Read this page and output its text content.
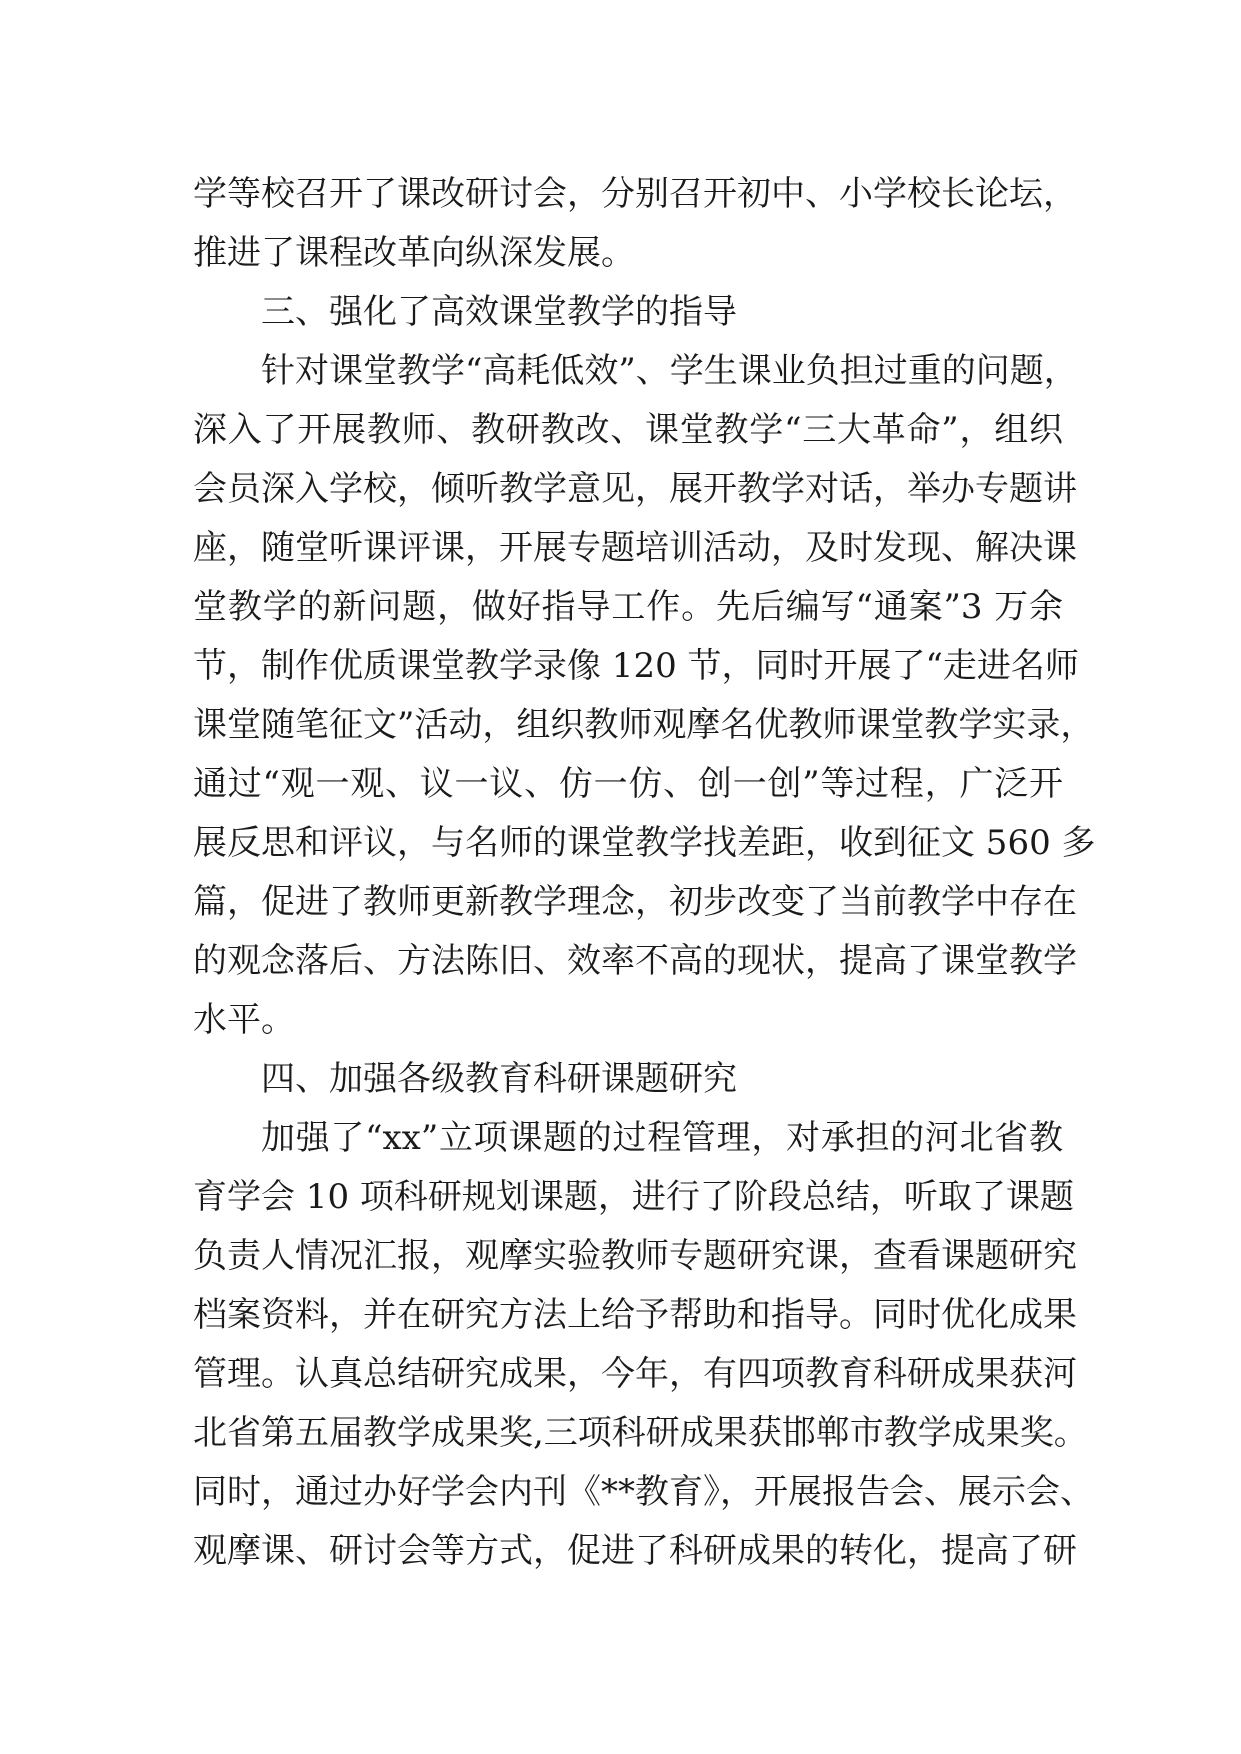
学等校召开了课改研讨会，分别召开初中、小学校长论坛，
推进了课程改革向纵深发展。
三、强化了高效课堂教学的指导
针对课堂教学“高耗低效”、学生课业负担过重的问题，
深入了开展教师、教研教改、课堂教学“三大革命”，组织
会员深入学校，倾听教学意见，展开教学对话，举办专题讲
座，随堂听课评课，开展专题培训活动，及时发现、解决课
堂教学的新问题，做好指导工作。先后编写“通案”3 万余
节，制作优质课堂教学录像 120 节，同时开展了“走进名师
课堂随笔征文”活动，组织教师观摩名优教师课堂教学实录，
通过“观一观、议一议、仿一仿、创一创”等过程，广泛开
展反思和评议，与名师的课堂教学找差距，收到征文 560 多
篇，促进了教师更新教学理念，初步改变了当前教学中存在
的观念落后、方法陈旧、效率不高的现状，提高了课堂教学
水平。
四、加强各级教育科研课题研究
加强了“xx”立项课题的过程管理，对承担的河北省教
育学会 10 项科研规划课题，进行了阶段总结，听取了课题
负责人情况汇报，观摩实验教师专题研究课，查看课题研究
档案资料，并在研究方法上给予帮助和指导。同时优化成果
管理。认真总结研究成果，今年，有四项教育科研成果获河
北省第五届教学成果奖,三项科研成果获邯郸市教学成果奖。
同时，通过办好学会内刊《**教育》，开展报告会、展示会、
观摩课、研讨会等方式，促进了科研成果的转化，提高了研
